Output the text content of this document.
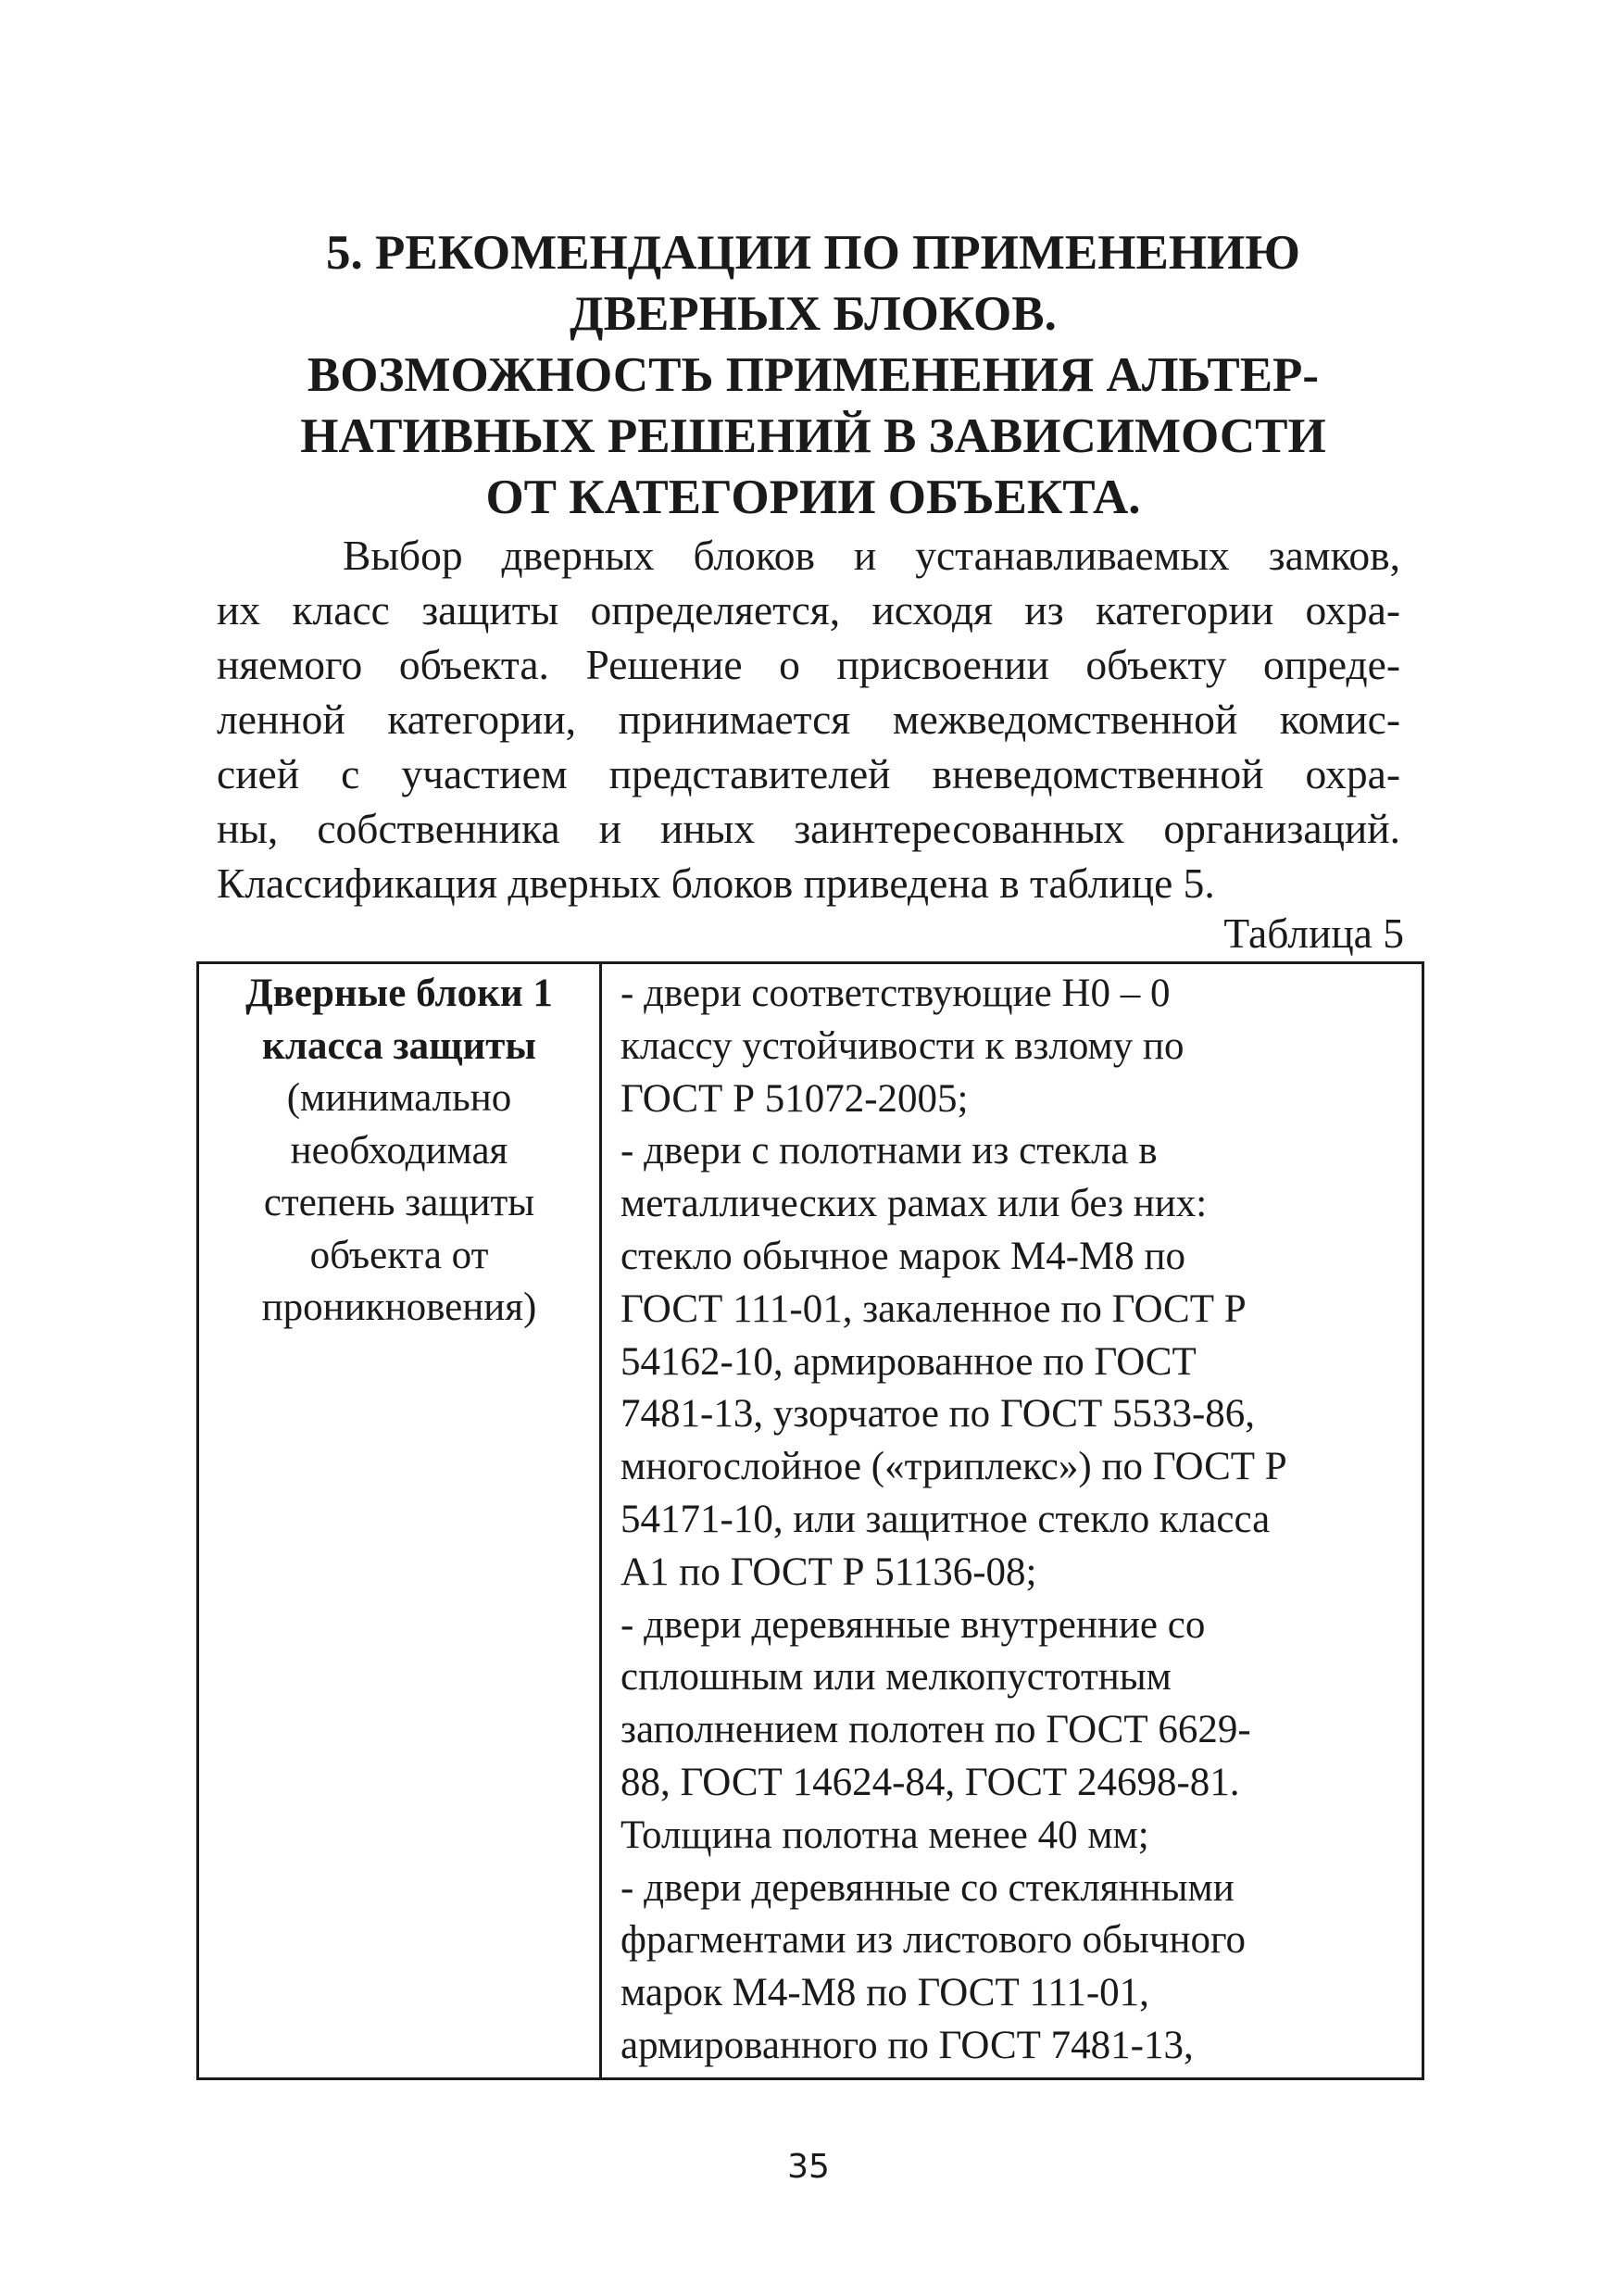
5. РЕКОМЕНДАЦИИ ПО ПРИМЕНЕНИЮ
ДВЕРНЫХ БЛОКОВ.
ВОЗМОЖНОСТЬ ПРИМЕНЕНИЯ АЛЬТЕР-
НАТИВНЫХ РЕШЕНИЙ В ЗАВИСИМОСТИ
ОТ КАТЕГОРИИ ОБЪЕКТА.
Выбор дверных блоков и устанавливаемых замков,
их класс защиты определяется, исходя из категории охра-
няемого объекта. Решение о присвоении объекту опреде-
ленной категории, принимается межведомственной комис-
сией с участием представителей вневедомственной охра-
ны, собственника и иных заинтересованных организаций.
Классификация дверных блоков приведена в таблице 5.
Таблица 5
Дверные блоки 1
класса защиты
(минимально
необходимая
степень защиты
объекта от
проникновения)
- двери соответствующие Н0 – 0
классу устойчивости к взлому по
ГОСТ Р 51072-2005;
- двери с полотнами из стекла в
металлических рамах или без них:
стекло обычное марок М4-М8 по
ГОСТ 111-01, закаленное по ГОСТ Р
54162-10, армированное по ГОСТ
7481-13, узорчатое по ГОСТ 5533-86,
многослойное («триплекс») по ГОСТ Р
54171-10, или защитное стекло класса
А1 по ГОСТ Р 51136-08;
- двери деревянные внутренние со
сплошным или мелкопустотным
заполнением полотен по ГОСТ 6629-
88, ГОСТ 14624-84, ГОСТ 24698-81.
Толщина полотна менее 40 мм;
- двери деревянные со стеклянными
фрагментами из листового обычного
марок М4-М8 по ГОСТ 111-01,
армированного по ГОСТ 7481-13,
35
